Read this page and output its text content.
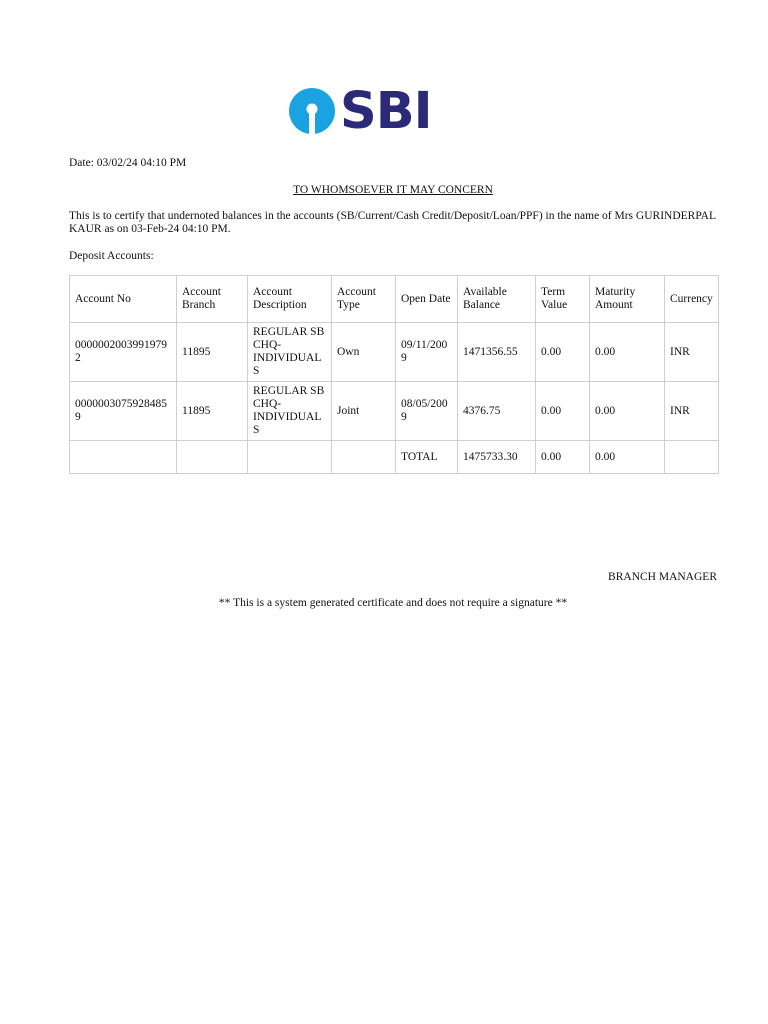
SBI
Date: 03/02/24 04:10 PM
TO WHOMSOEVER IT MAY CONCERN
This is to certify that undernoted balances in the accounts (SB/Current/Cash Credit/Deposit/Loan/PPF) in the name of Mrs GURINDERPAL KAUR as on 03-Feb-24 04:10 PM.
Deposit Accounts:
Account No	Account Branch	Account Description	Account Type	Open Date	Available Balance	Term Value	Maturity Amount	Currency
00000020039919792	11895	REGULAR SB CHQ-INDIVIDUALS	Own	09/11/2009	1471356.55	0.00	0.00	INR
00000030759284859	11895	REGULAR SB CHQ-INDIVIDUALS	Joint	08/05/2009	4376.75	0.00	0.00	INR
				TOTAL	1475733.30	0.00	0.00	
BRANCH MANAGER
** This is a system generated certificate and does not require a signature **
